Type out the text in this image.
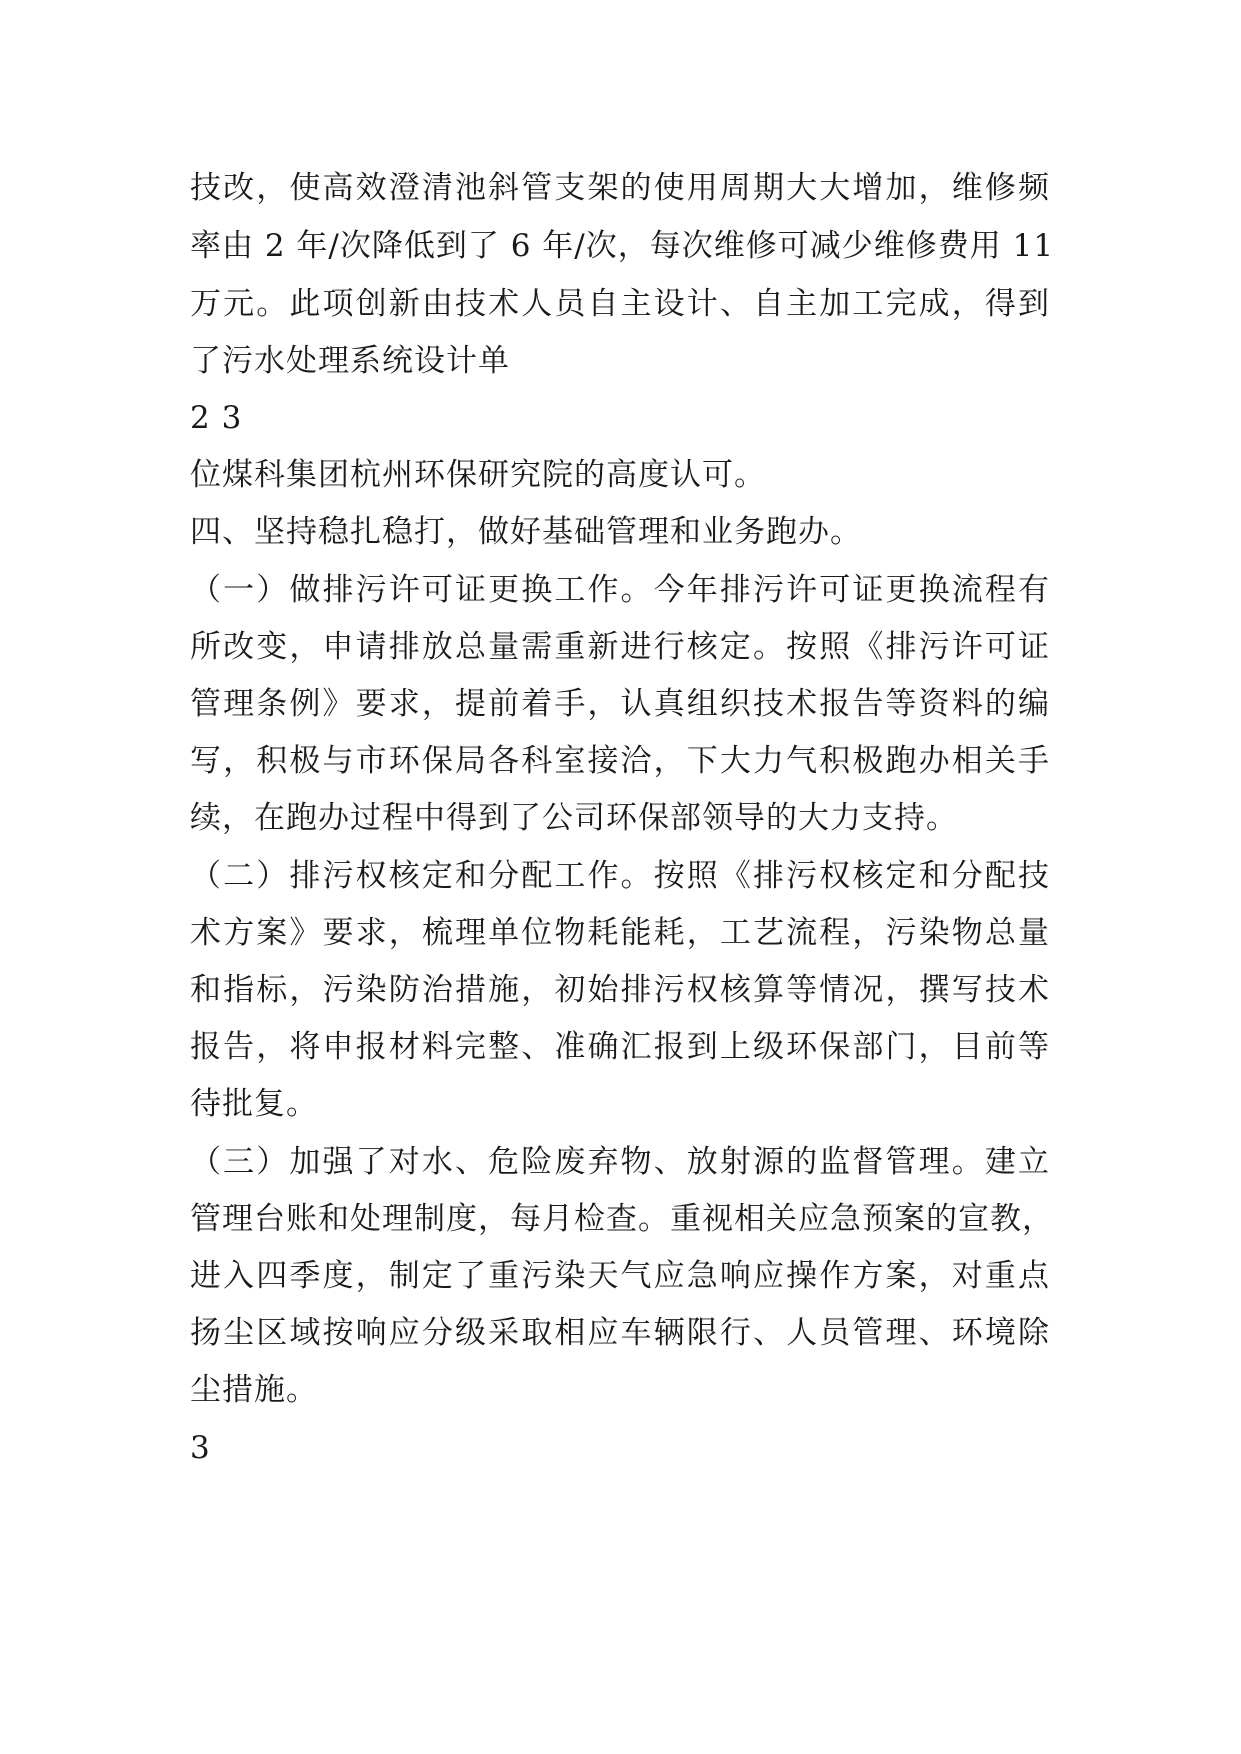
技改，使高效澄清池斜管支架的使用周期大大增加，维修频
率由 2 年/次降低到了 6 年/次，每次维修可减少维修费用 11
万元。此项创新由技术人员自主设计、自主加工完成，得到
了污水处理系统设计单
2 3
位煤科集团杭州环保研究院的高度认可。
四、坚持稳扎稳打，做好基础管理和业务跑办。
（一）做排污许可证更换工作。今年排污许可证更换流程有
所改变，申请排放总量需重新进行核定。按照《排污许可证
管理条例》要求，提前着手，认真组织技术报告等资料的编
写，积极与市环保局各科室接洽，下大力气积极跑办相关手
续，在跑办过程中得到了公司环保部领导的大力支持。
（二）排污权核定和分配工作。按照《排污权核定和分配技
术方案》要求，梳理单位物耗能耗，工艺流程，污染物总量
和指标，污染防治措施，初始排污权核算等情况，撰写技术
报告，将申报材料完整、准确汇报到上级环保部门，目前等
待批复。
（三）加强了对水、危险废弃物、放射源的监督管理。建立
管理台账和处理制度，每月检查。重视相关应急预案的宣教，
进入四季度，制定了重污染天气应急响应操作方案，对重点
扬尘区域按响应分级采取相应车辆限行、人员管理、环境除
尘措施。
3
